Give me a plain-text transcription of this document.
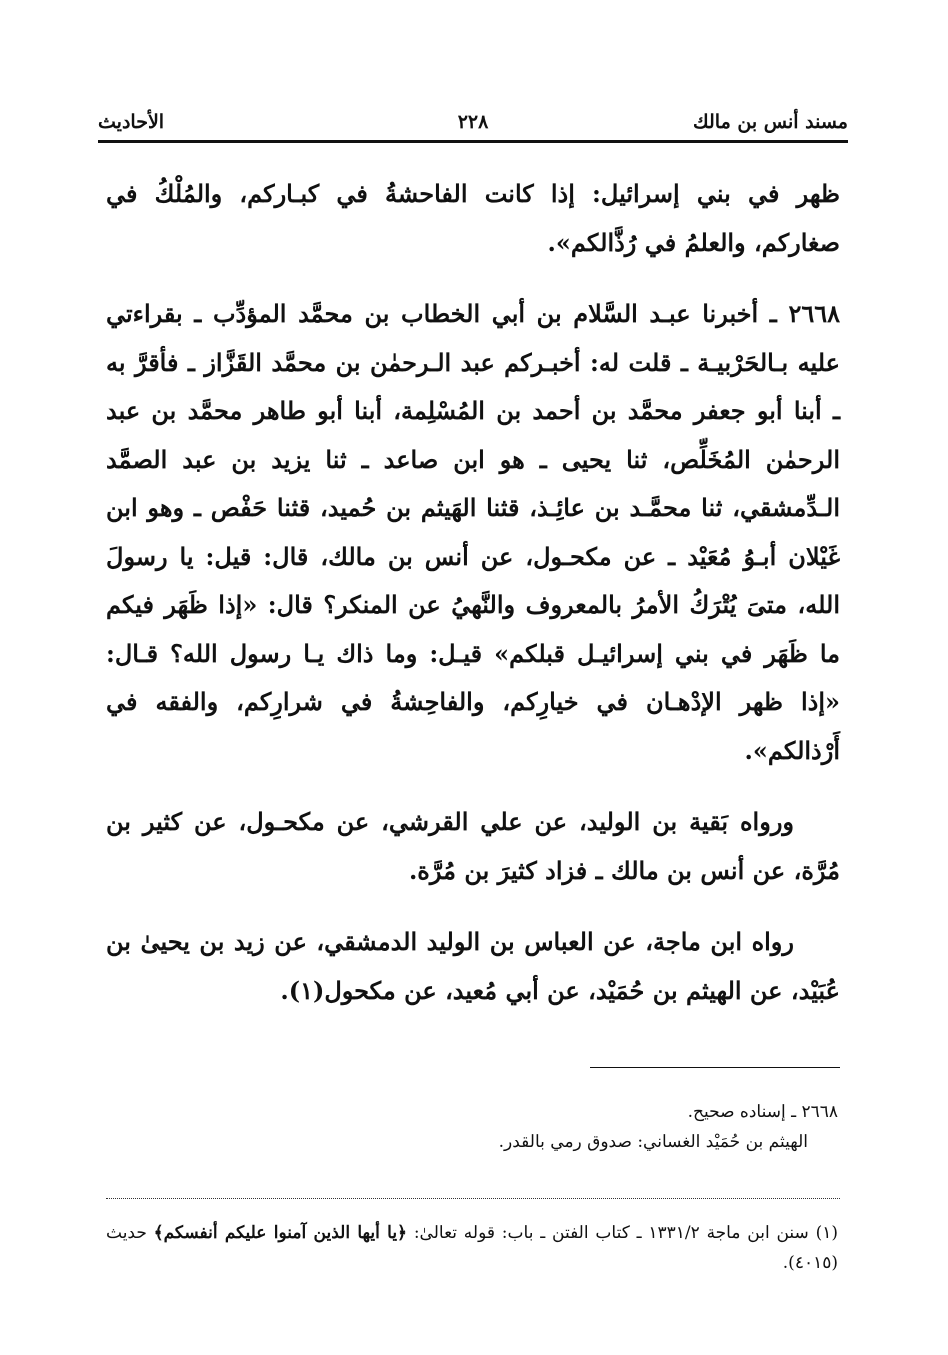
مسند أنس بن مالك
٢٢٨
الأحاديث

ظهر في بني إسرائيل: إذا كانت الفاحشةُ في كبـاركم، والمُلْكُ في صغاركم، والعلمُ في رُذَّالكم».

٢٦٦٨ ـ أخبرنا عبـد السَّلام بن أبي الخطاب بن محمَّد المؤدِّب ـ بقراءتي عليه بـالحَرْبيـة ـ قلت له: أخبـركم عبد الـرحمٰن بن محمَّد القَزَّاز ـ فأقرَّ به ـ أبنا أبو جعفر محمَّد بن أحمد بن المُسْلِمة، أبنا أبو طاهر محمَّد بن عبد الرحمٰن المُخَلِّص، ثنا يحيى ـ هو ابن صاعد ـ ثنا يزيد بن عبد الصمَّد الـدِّمشقي، ثنا محمَّـد بن عائِـذ، قثنا الهَيثم بن حُميد، قثنا حَفْص ـ وهو ابن غَيْلان أبـوُ مُعَيْد ـ عن مكحـول، عن أنس بن مالك، قال: قيل: يا رسولَ الله، متىَ يُتْرَكُ الأمرُ بالمعروف والنَّهيُ عن المنكر؟ قال: «إذا ظَهَر فيكم ما ظَهَر في بني إسرائيـل قبلكم» قيـل: وما ذاك يـا رسول الله؟ قـال: «إذا ظهر الإدْهـان في خيارِكم، والفاحِشةُ في شرارِكم، والفقه في أَرْذالكم».

ورواه بَقية بن الوليد، عن علي القرشي، عن مكحـول، عن كثير بن مُرَّة، عن أنس بن مالك ـ فزاد كثيرَ بن مُرَّة.

رواه ابن ماجة، عن العباس بن الوليد الدمشقي، عن زيد بن يحيىٰ بن عُبَيْد، عن الهيثم بن حُمَيْد، عن أبي مُعيد، عن مكحول(١).

٢٦٦٨ ـ إسناده صحيح.

الهيثم بن حُمَيْد الغساني: صدوق رمي بالقدر.

(١) سنن ابن ماجة ١٣٣١/٢ ـ كتاب الفتن ـ باب: قوله تعالىٰ: ﴿يا أيها الذين آمنوا عليكم أنفسكم﴾ حديث (٤٠١٥).
